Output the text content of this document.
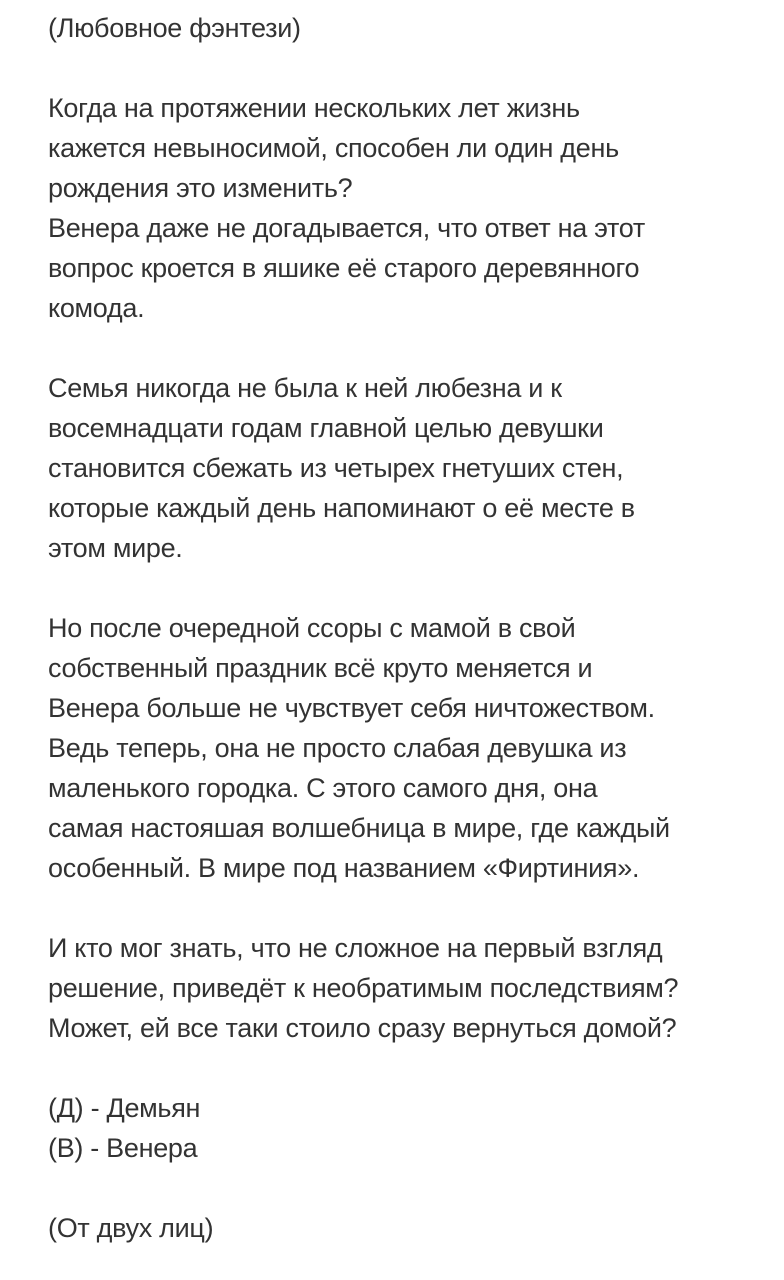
(Любовное фэнтези)
Когда на протяжении нескольких лет жизнь
кажется невыносимой, способен ли один день
рождения это изменить?
Венера даже не догадывается, что ответ на этот
вопрос кроется в яшике её старого деревянного
комода.
Семья никогда не была к ней любезна и к
восемнадцати годам главной целью девушки
становится сбежать из четырех гнетуших стен,
которые каждый день напоминают о её месте в
этом мире.
Но после очередной ссоры с мамой в свой
собственный праздник всё круто меняется и
Венера больше не чувствует себя ничтожеством.
Ведь теперь, она не просто слабая девушка из
маленького городка. С этого самого дня, она
самая настояшая волшебница в мире, где каждый
особенный. В мире под названием «Фиртиния».
И кто мог знать, что не сложное на первый взгляд
решение, приведёт к необратимым последствиям?
Может, ей все таки стоило сразу вернуться домой?
(Д) - Демьян
(В) - Венера
(От двух лиц)
